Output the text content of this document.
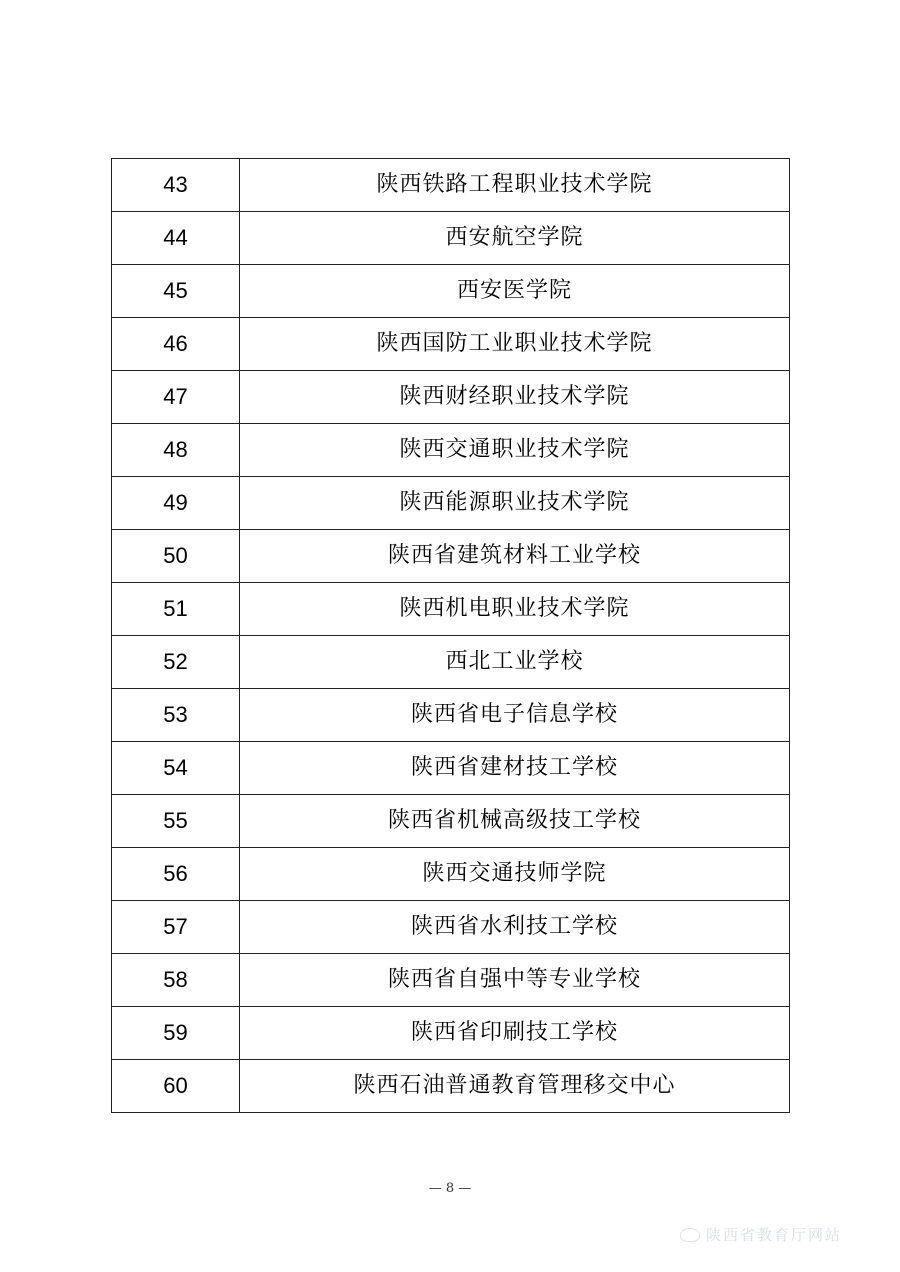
43	陕西铁路工程职业技术学院
44	西安航空学院
45	西安医学院
46	陕西国防工业职业技术学院
47	陕西财经职业技术学院
48	陕西交通职业技术学院
49	陕西能源职业技术学院
50	陕西省建筑材料工业学校
51	陕西机电职业技术学院
52	西北工业学校
53	陕西省电子信息学校
54	陕西省建材技工学校
55	陕西省机械高级技工学校
56	陕西交通技师学院
57	陕西省水利技工学校
58	陕西省自强中等专业学校
59	陕西省印刷技工学校
60	陕西石油普通教育管理移交中心
— 8 —
陕西省教育厅网站
